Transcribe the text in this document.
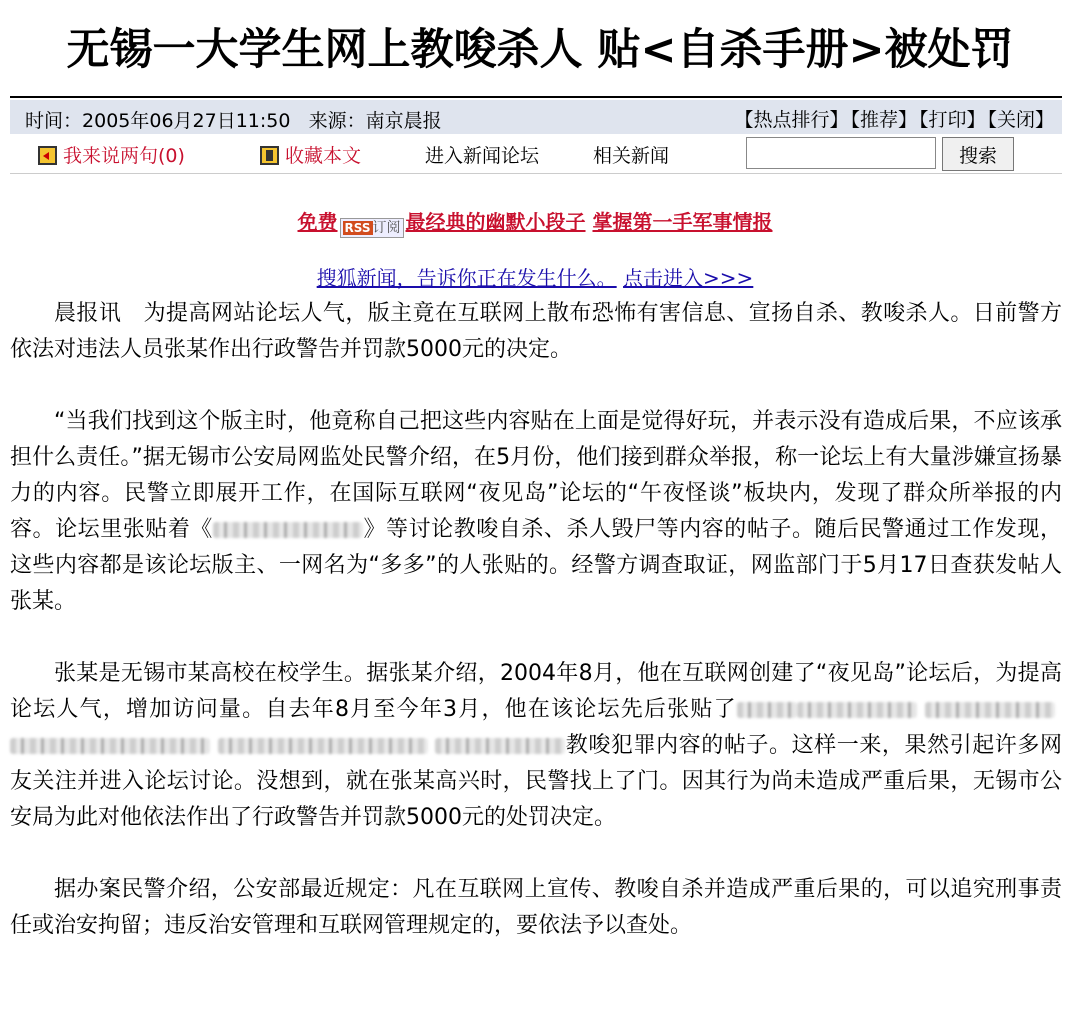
无锡一大学生网上教唆杀人 贴<自杀手册>被处罚
时间：2005年06月27日11:50 来源：南京晨报	【热点排行】 【推荐】 【打印】 【关闭】
我来说两句(0)	收藏本文	进入新闻论坛	相关新闻	搜索
免费 RSS 订阅 最经典的幽默小段子 掌握第一手军事情报
搜狐新闻，告诉你正在发生什么。 点击进入>>>

晨报讯　为提高网站论坛人气，版主竟在互联网上散布恐怖有害信息、宣扬自杀、教唆杀人。日前警方依法对违法人员张某作出行政警告并罚款5000元的决定。

“当我们找到这个版主时，他竟称自己把这些内容贴在上面是觉得好玩，并表示没有造成后果，不应该承担什么责任。”据无锡市公安局网监处民警介绍，在5月份，他们接到群众举报，称一论坛上有大量涉嫌宣扬暴力的内容。民警立即展开工作，在国际互联网“夜见岛”论坛的“午夜怪谈”板块内，发现了群众所举报的内容。论坛里张贴着《	》等讨论教唆自杀、杀人毁尸等内容的帖子。随后民警通过工作发现，这些内容都是该论坛版主、一网名为“多多”的人张贴的。经警方调查取证，网监部门于5月17日查获发帖人张某。

张某是无锡市某高校在校学生。据张某介绍，2004年8月，他在互联网创建了“夜见岛”论坛后，为提高论坛人气，增加访问量。自去年8月至今年3月，他在该论坛先后张贴了    教唆犯罪内容的帖子。这样一来，果然引起许多网友关注并进入论坛讨论。没想到，就在张某高兴时，民警找上了门。因其行为尚未造成严重后果，无锡市公安局为此对他依法作出了行政警告并罚款5000元的处罚决定。

据办案民警介绍，公安部最近规定：凡在互联网上宣传、教唆自杀并造成严重后果的，可以追究刑事责任或治安拘留；违反治安管理和互联网管理规定的，要依法予以查处。
